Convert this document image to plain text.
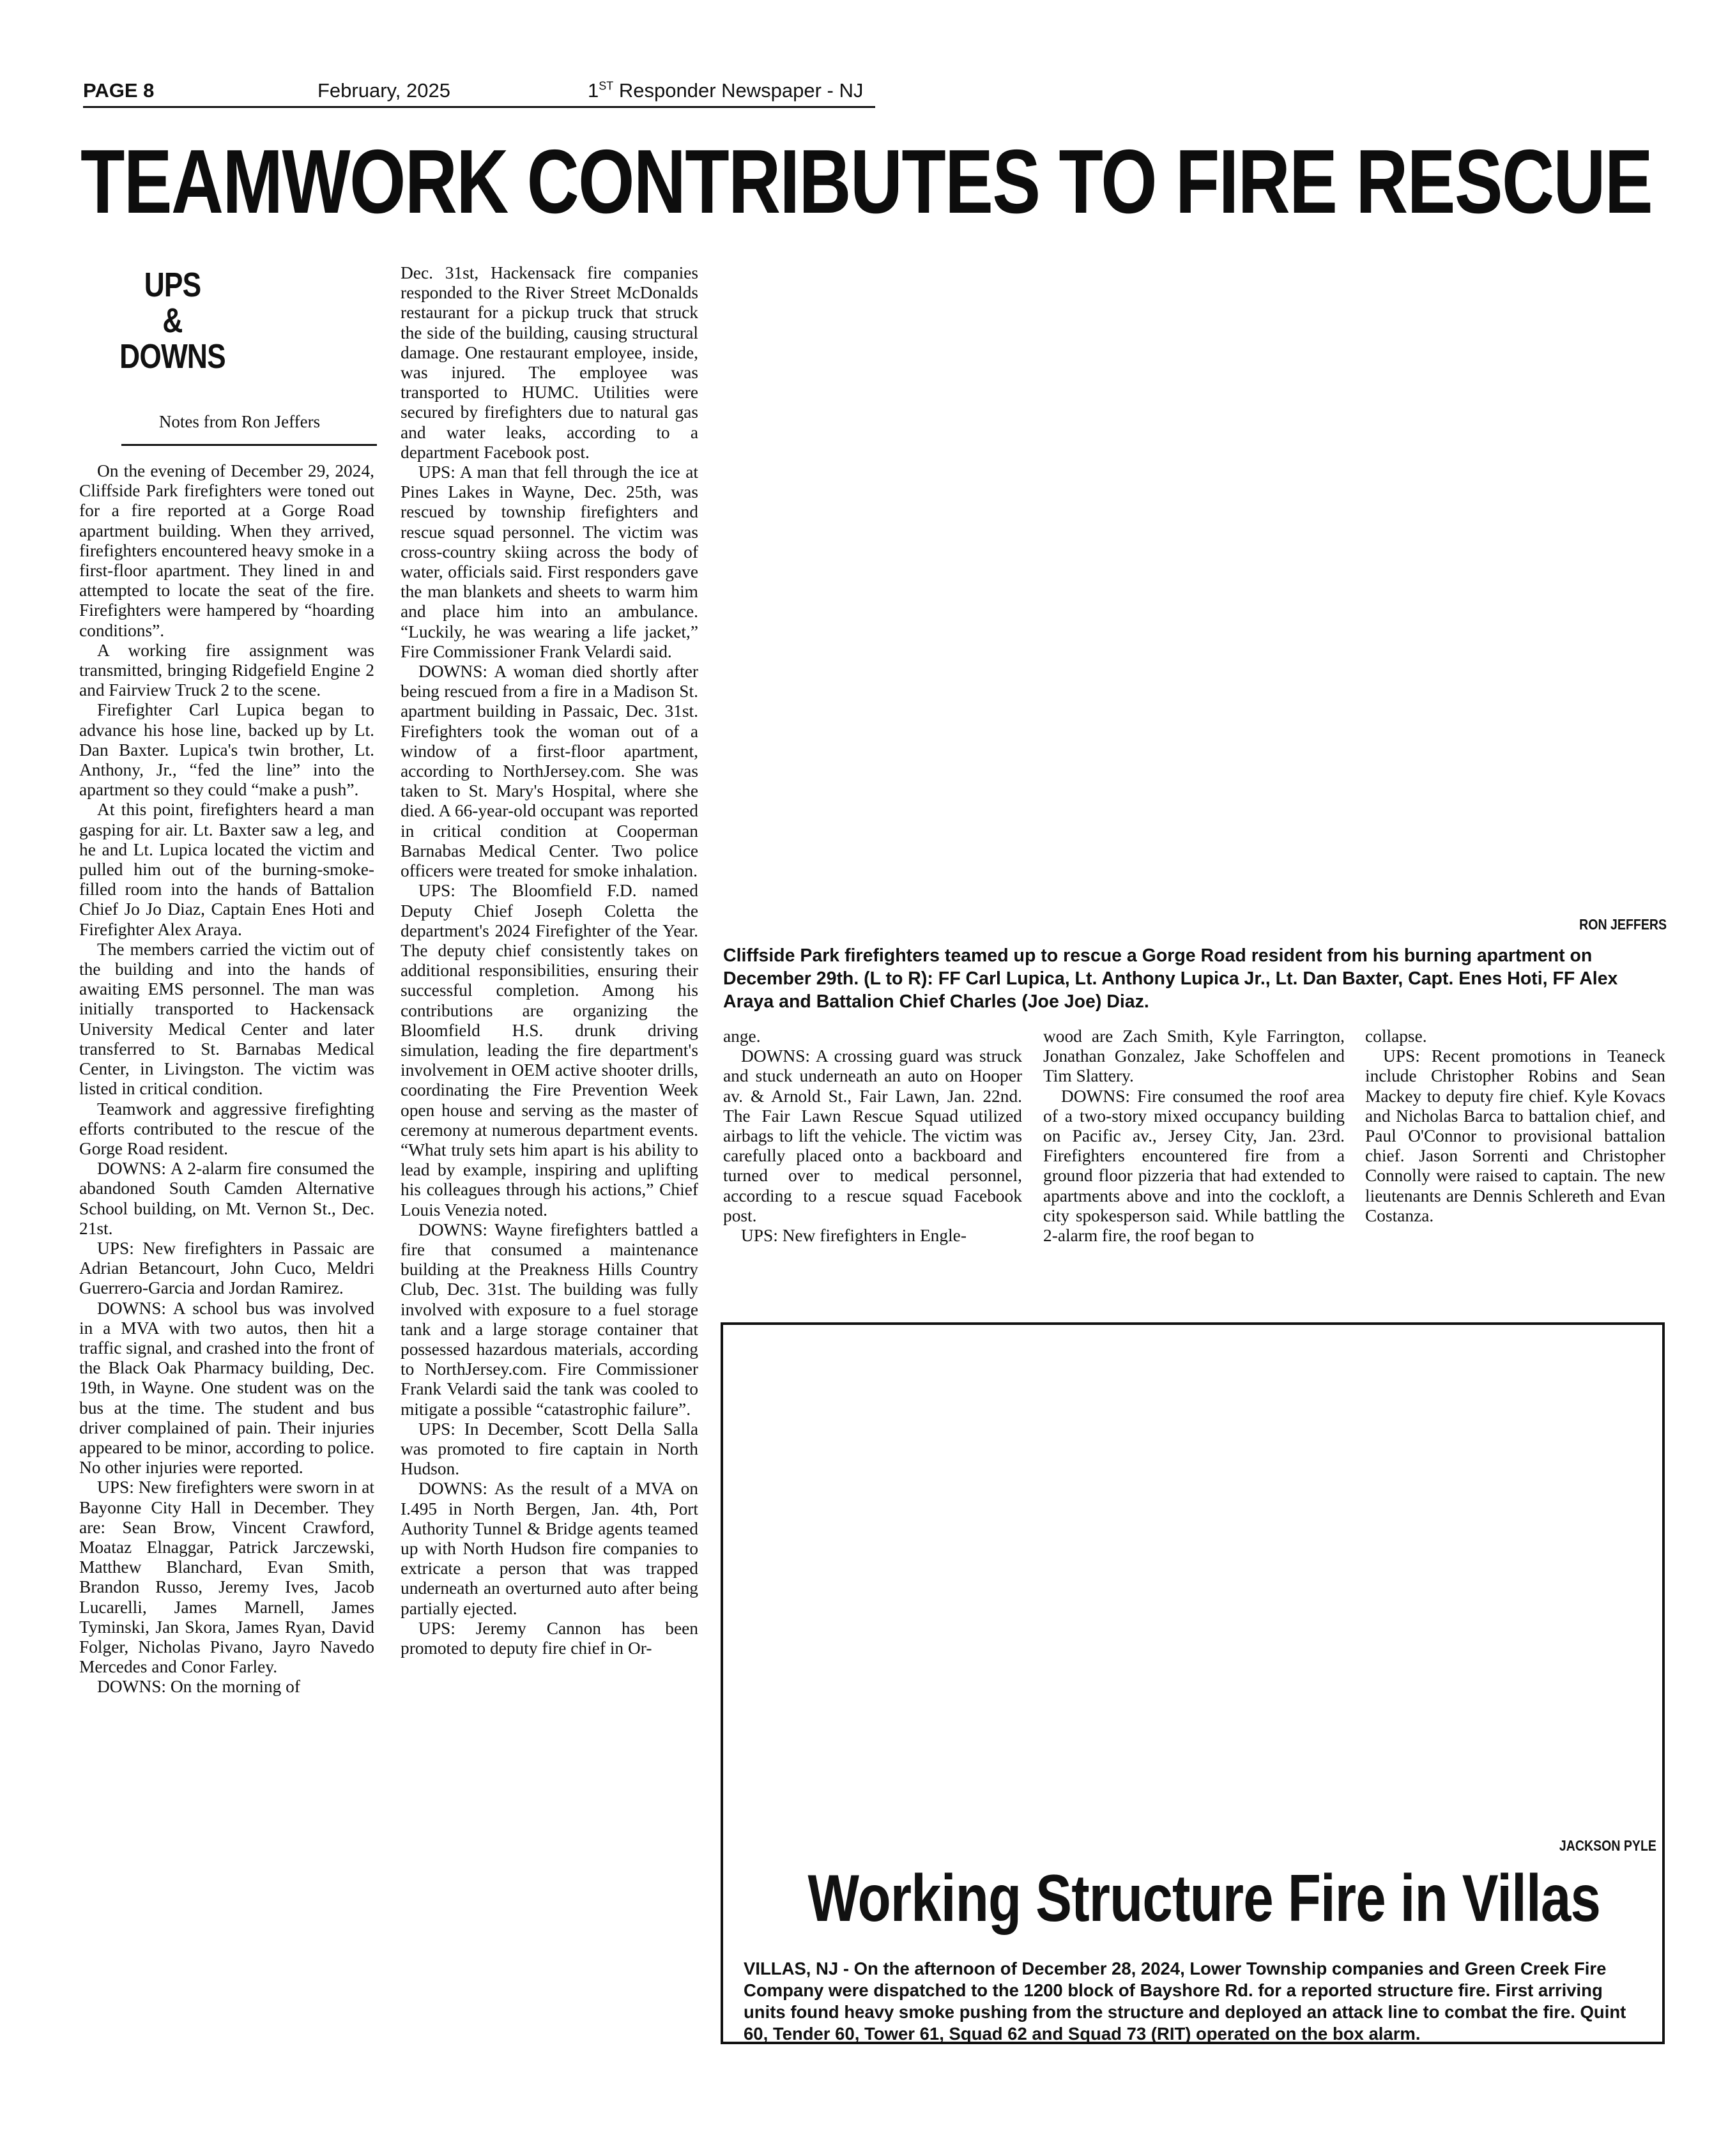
PAGE 8	February, 2025	1ST Responder Newspaper - NJ
TEAMWORK CONTRIBUTES TO FIRE RESCUE
UPS
&
DOWNS
Notes from Ron Jeffers

On the evening of December 29, 2024, Cliffside Park firefighters were toned out for a fire reported at a Gorge Road apartment building. When they arrived, firefighters encountered heavy smoke in a first-floor apartment. They lined in and attempted to locate the seat of the fire. Firefighters were hampered by “hoarding conditions”.

A working fire assignment was transmitted, bringing Ridgefield Engine 2 and Fairview Truck 2 to the scene.

Firefighter Carl Lupica began to advance his hose line, backed up by Lt. Dan Baxter. Lupica's twin brother, Lt. Anthony, Jr., “fed the line” into the apartment so they could “make a push”.

At this point, firefighters heard a man gasping for air. Lt. Baxter saw a leg, and he and Lt. Lupica located the victim and pulled him out of the burning-smoke-filled room into the hands of Battalion Chief Jo Jo Diaz, Captain Enes Hoti and Firefighter Alex Araya.

The members carried the victim out of the building and into the hands of awaiting EMS personnel. The man was initially transported to Hackensack University Medical Center and later transferred to St. Barnabas Medical Center, in Livingston. The victim was listed in critical condition.

Teamwork and aggressive firefighting efforts contributed to the rescue of the Gorge Road resident.

DOWNS: A 2-alarm fire consumed the abandoned South Camden Alternative School building, on Mt. Vernon St., Dec. 21st.

UPS: New firefighters in Passaic are Adrian Betancourt, John Cuco, Meldri Guerrero-Garcia and Jordan Ramirez.

DOWNS: A school bus was involved in a MVA with two autos, then hit a traffic signal, and crashed into the front of the Black Oak Pharmacy building, Dec. 19th, in Wayne. One student was on the bus at the time. The student and bus driver complained of pain. Their injuries appeared to be minor, according to police. No other injuries were reported.

UPS: New firefighters were sworn in at Bayonne City Hall in December. They are: Sean Brow, Vincent Crawford, Moataz Elnaggar, Patrick Jarczewski, Matthew Blanchard, Evan Smith, Brandon Russo, Jeremy Ives, Jacob Lucarelli, James Marnell, James Tyminski, Jan Skora, James Ryan, David Folger, Nicholas Pivano, Jayro Navedo Mercedes and Conor Farley.

DOWNS: On the morning of

Dec. 31st, Hackensack fire companies responded to the River Street McDonalds restaurant for a pickup truck that struck the side of the building, causing structural damage. One restaurant employee, inside, was injured. The employee was transported to HUMC. Utilities were secured by firefighters due to natural gas and water leaks, according to a department Facebook post.

UPS: A man that fell through the ice at Pines Lakes in Wayne, Dec. 25th, was rescued by township firefighters and rescue squad personnel. The victim was cross-country skiing across the body of water, officials said. First responders gave the man blankets and sheets to warm him and place him into an ambulance. “Luckily, he was wearing a life jacket,” Fire Commissioner Frank Velardi said.

DOWNS: A woman died shortly after being rescued from a fire in a Madison St. apartment building in Passaic, Dec. 31st. Firefighters took the woman out of a window of a first-floor apartment, according to NorthJersey.com. She was taken to St. Mary's Hospital, where she died. A 66-year-old occupant was reported in critical condition at Cooperman Barnabas Medical Center. Two police officers were treated for smoke inhalation.

UPS: The Bloomfield F.D. named Deputy Chief Joseph Coletta the department's 2024 Firefighter of the Year. The deputy chief consistently takes on additional responsibilities, ensuring their successful completion. Among his contributions are organizing the Bloomfield H.S. drunk driving simulation, leading the fire department's involvement in OEM active shooter drills, coordinating the Fire Prevention Week open house and serving as the master of ceremony at numerous department events. “What truly sets him apart is his ability to lead by example, inspiring and uplifting his colleagues through his actions,” Chief Louis Venezia noted.

DOWNS: Wayne firefighters battled a fire that consumed a maintenance building at the Preakness Hills Country Club, Dec. 31st. The building was fully involved with exposure to a fuel storage tank and a large storage container that possessed hazardous materials, according to NorthJersey.com. Fire Commissioner Frank Velardi said the tank was cooled to mitigate a possible “catastrophic failure”.

UPS: In December, Scott Della Salla was promoted to fire captain in North Hudson.

DOWNS: As the result of a MVA on I.495 in North Bergen, Jan. 4th, Port Authority Tunnel & Bridge agents teamed up with North Hudson fire companies to extricate a person that was trapped underneath an overturned auto after being partially ejected.

UPS: Jeremy Cannon has been promoted to deputy fire chief in Or-

RON JEFFERS
Cliffside Park firefighters teamed up to rescue a Gorge Road resident from his burning apartment on December 29th. (L to R): FF Carl Lupica, Lt. Anthony Lupica Jr., Lt. Dan Baxter, Capt. Enes Hoti, FF Alex Araya and Battalion Chief Charles (Joe Joe) Diaz.

ange.

DOWNS: A crossing guard was struck and stuck underneath an auto on Hooper av. & Arnold St., Fair Lawn, Jan. 22nd. The Fair Lawn Rescue Squad utilized airbags to lift the vehicle. The victim was carefully placed onto a backboard and turned over to medical personnel, according to a rescue squad Facebook post.

UPS: New firefighters in Engle-

wood are Zach Smith, Kyle Farrington, Jonathan Gonzalez, Jake Schoffelen and Tim Slattery.

DOWNS: Fire consumed the roof area of a two-story mixed occupancy building on Pacific av., Jersey City, Jan. 23rd. Firefighters encountered fire from a ground floor pizzeria that had extended to apartments above and into the cockloft, a city spokesperson said. While battling the 2-alarm fire, the roof began to

collapse.

UPS: Recent promotions in Teaneck include Christopher Robins and Sean Mackey to deputy fire chief. Kyle Kovacs and Nicholas Barca to battalion chief, and Paul O'Connor to provisional battalion chief. Jason Sorrenti and Christopher Connolly were raised to captain. The new lieutenants are Dennis Schlereth and Evan Costanza.

JACKSON PYLE
Working Structure Fire in Villas
VILLAS, NJ - On the afternoon of December 28, 2024, Lower Township companies and Green Creek Fire Company were dispatched to the 1200 block of Bayshore Rd. for a reported structure fire. First arriving units found heavy smoke pushing from the structure and deployed an attack line to combat the fire. Quint 60, Tender 60, Tower 61, Squad 62 and Squad 73 (RIT) operated on the box alarm.
